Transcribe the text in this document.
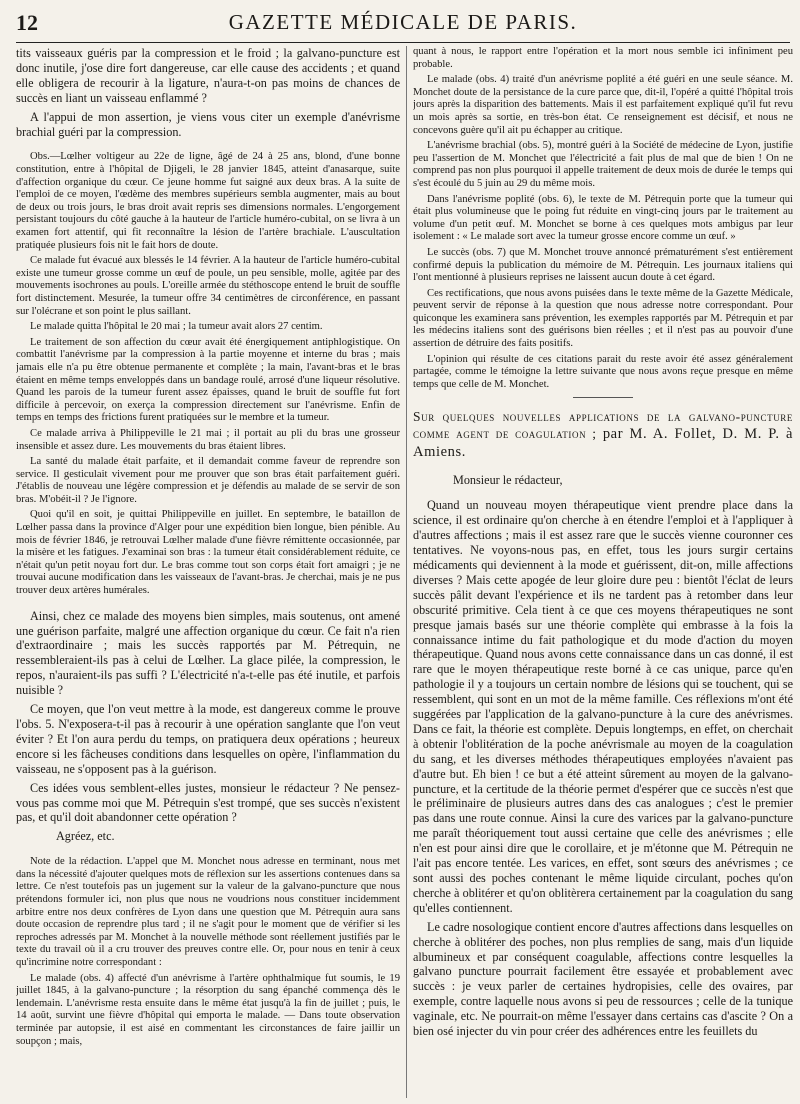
12	GAZETTE MÉDICALE DE PARIS.

tits vaisseaux guéris par la compression et le froid ; la galvano-puncture est donc inutile, j'ose dire fort dangereuse, car elle cause des accidents ; et quand elle obligera de recourir à la ligature, n'aura-t-on pas moins de chances de succès en liant un vaisseau enflammé ?

A l'appui de mon assertion, je viens vous citer un exemple d'anévrisme brachial guéri par la compression.

Obs.—Lœlher voltigeur au 22e de ligne, âgé de 24 à 25 ans, blond, d'une bonne constitution, entre à l'hôpital de Djigeli, le 28 janvier 1845, atteint d'anasarque, suite d'affection organique du cœur. Ce jeune homme fut saigné aux deux bras. A la suite de l'emploi de ce moyen, l'œdème des membres supérieurs sembla augmenter, mais au bout de deux ou trois jours, le bras droit avait repris ses dimensions normales. L'engorgement persistant toujours du côté gauche à la hauteur de l'article huméro-cubital, on se livra à un examen fort attentif, qui fit reconnaître la lésion de l'artère brachiale. L'auscultation pratiquée plusieurs fois nit le fait hors de doute.

Ce malade fut évacué aux blessés le 14 février. A la hauteur de l'article huméro-cubital existe une tumeur grosse comme un œuf de poule, un peu sensible, molle, agitée par des mouvements isochrones au pouls. L'oreille armée du stéthoscope entend le bruit de souffle fort distinctement. Mesurée, la tumeur offre 34 centimètres de circonférence, en passant sur l'olécrane et son point le plus saillant.

Le malade quitta l'hôpital le 20 mai ; la tumeur avait alors 27 centim.

Le traitement de son affection du cœur avait été énergiquement antiphlogistique. On combattit l'anévrisme par la compression à la partie moyenne et interne du bras ; mais jamais elle n'a pu être obtenue permanente et complète ; la main, l'avant-bras et le bras étaient en même temps enveloppés dans un bandage roulé, arrosé d'une liqueur résolutive. Quand les parois de la tumeur furent assez épaisses, quand le bruit de souffle fut fort difficile à percevoir, on exerça la compression directement sur l'anévrisme. Enfin de temps en temps des frictions furent pratiquées sur le membre et la tumeur.

Ce malade arriva à Philippeville le 21 mai ; il portait au pli du bras une grosseur insensible et assez dure. Les mouvements du bras étaient libres.

La santé du malade était parfaite, et il demandait comme faveur de reprendre son service. Il gesticulait vivement pour me prouver que son bras était parfaitement guéri. J'établis de nouveau une légère compression et je défendis au malade de se servir de son bras. M'obéit-il ? Je l'ignore.

Quoi qu'il en soit, je quittai Philippeville en juillet. En septembre, le bataillon de Lœlher passa dans la province d'Alger pour une expédition bien longue, bien pénible. Au mois de février 1846, je retrouvai Lœlher malade d'une fièvre rémittente occasionnée, par la misère et les fatigues. J'examinai son bras : la tumeur était considérablement réduite, ce n'était qu'un petit noyau fort dur. Le bras comme tout son corps était fort amaigri ; je ne trouvai aucune modification dans les vaisseaux de l'avant-bras. Je cherchai, mais je ne pus trouver deux artères humérales.

Ainsi, chez ce malade des moyens bien simples, mais soutenus, ont amené une guérison parfaite, malgré une affection organique du cœur. Ce fait n'a rien d'extraordinaire ; mais les succès rapportés par M. Pétrequin, ne ressembleraient-ils pas à celui de Lœlher. La glace pilée, la compression, le repos, n'auraient-ils pas suffi ? L'électricité n'a-t-elle pas été inutile, et parfois nuisible ?

Ce moyen, que l'on veut mettre à la mode, est dangereux comme le prouve l'obs. 5. N'exposera-t-il pas à recourir à une opération sanglante que l'on veut éviter ? Et l'on aura perdu du temps, on pratiquera deux opérations ; heureux encore si les fâcheuses conditions dans lesquelles on opère, l'inflammation du vaisseau, ne s'opposent pas à la guérison.

Ces idées vous semblent-elles justes, monsieur le rédacteur ? Ne pensez-vous pas comme moi que M. Pétrequin s'est trompé, que ses succès n'existent pas, et qu'il doit abandonner cette opération ?

Agréez, etc.

Note de la rédaction. L'appel que M. Monchet nous adresse en terminant, nous met dans la nécessité d'ajouter quelques mots de réflexion sur les assertions contenues dans sa lettre. Ce n'est toutefois pas un jugement sur la valeur de la galvano-puncture que nous prétendons formuler ici, non plus que nous ne voudrions nous constituer incidemment arbitre entre nos deux confrères de Lyon dans une question que M. Pétrequin aura sans doute occasion de reprendre plus tard ; il ne s'agit pour le moment que de vérifier si les reproches adressés par M. Monchet à la nouvelle méthode sont réellement justifiés par le texte du travail où il a cru trouver des preuves contre elle. Or, pour nous en tenir à ceux qu'incrimine notre correspondant :

Le malade (obs. 4) affecté d'un anévrisme à l'artère ophthalmique fut soumis, le 19 juillet 1845, à la galvano-puncture ; la résorption du sang épanché commença dès le lendemain. L'anévrisme resta ensuite dans le même état jusqu'à la fin de juillet ; puis, le 14 août, survint une fièvre d'hôpital qui emporta le malade. — Dans toute observation terminée par autopsie, il est aisé en commentant les circonstances de faire jaillir un soupçon ; mais,

quant à nous, le rapport entre l'opération et la mort nous semble ici infiniment peu probable.

Le malade (obs. 4) traité d'un anévrisme poplité a été guéri en une seule séance. M. Monchet doute de la persistance de la cure parce que, dit-il, l'opéré a quitté l'hôpital trois jours après la disparition des battements. Mais il est parfaitement expliqué qu'il fut revu un mois après sa sortie, en très-bon état. Ce renseignement est décisif, et nous ne concevons guère qu'il ait pu échapper au critique.

L'anévrisme brachial (obs. 5), montré guéri à la Société de médecine de Lyon, justifie peu l'assertion de M. Monchet que l'électricité a fait plus de mal que de bien ! On ne comprend pas non plus pourquoi il appelle traitement de deux mois de durée le temps qui s'est écoulé du 5 juin au 29 du même mois.

Dans l'anévrisme poplité (obs. 6), le texte de M. Pétrequin porte que la tumeur qui était plus volumineuse que le poing fut réduite en vingt-cinq jours par le traitement au volume d'un petit œuf. M. Monchet se borne à ces quelques mots ambigus par leur isolement : « Le malade sort avec la tumeur grosse encore comme un œuf. »

Le succès (obs. 7) que M. Monchet trouve annoncé prématurément s'est entièrement confirmé depuis la publication du mémoire de M. Pétrequin. Les journaux italiens qui l'ont mentionné à plusieurs reprises ne laissent aucun doute à cet égard.

Ces rectifications, que nous avons puisées dans le texte même de la Gazette Médicale, peuvent servir de réponse à la question que nous adresse notre correspondant. Pour quiconque les examinera sans prévention, les exemples rapportés par M. Pétrequin et par les médecins italiens sont des guérisons bien réelles ; et il n'est pas au pouvoir d'une assertion de détruire des faits positifs.

L'opinion qui résulte de ces citations parait du reste avoir été assez généralement partagée, comme le témoigne la lettre suivante que nous avons reçue presque en même temps que celle de M. Monchet.

Sur quelques nouvelles applications de la galvano-puncture comme agent de coagulation ; par M. A. Follet, D. M. P. à Amiens.

Monsieur le rédacteur,

Quand un nouveau moyen thérapeutique vient prendre place dans la science, il est ordinaire qu'on cherche à en étendre l'emploi et à l'appliquer à d'autres affections ; mais il est assez rare que le succès vienne couronner ces tentatives. Ne voyons-nous pas, en effet, tous les jours surgir certains médicaments qui deviennent à la mode et guérissent, dit-on, mille affections diverses ? Mais cette apogée de leur gloire dure peu : bientôt l'éclat de leurs succès pâlit devant l'expérience et ils ne tardent pas à retomber dans leur obscurité primitive. Cela tient à ce que ces moyens thérapeutiques ne sont presque jamais basés sur une théorie complète qui embrasse à la fois la connaissance intime du fait pathologique et du mode d'action du moyen thérapeutique. Quand nous avons cette connaissance dans un cas donné, il est rare que le moyen thérapeutique reste borné à ce cas unique, parce qu'en pathologie il y a toujours un certain nombre de lésions qui se touchent, qui se ressemblent, qui sont en un mot de la même famille. Ces réflexions m'ont été suggérées par l'application de la galvano-puncture à la cure des anévrismes. Dans ce fait, la théorie est complète. Depuis longtemps, en effet, on cherchait à obtenir l'oblitération de la poche anévrismale au moyen de la coagulation du sang, et les diverses méthodes thérapeutiques employées n'avaient pas d'autre but. Eh bien ! ce but a été atteint sûrement au moyen de la galvano-puncture, et la certitude de la théorie permet d'espérer que ce succès n'est que le préliminaire de plusieurs autres dans des cas analogues ; c'est le premier pas dans une route connue. Ainsi la cure des varices par la galvano-puncture me paraît théoriquement tout aussi certaine que celle des anévrismes ; elle n'en est pour ainsi dire que le corollaire, et je m'étonne que M. Pétrequin ne l'ait pas encore tentée. Les varices, en effet, sont sœurs des anévrismes ; ce sont aussi des poches contenant le même liquide circulant, poches qu'on cherche à oblitérer et qu'on oblitèrera certainement par la coagulation du sang qu'elles contiennent.

Le cadre nosologique contient encore d'autres affections dans lesquelles on cherche à oblitérer des poches, non plus remplies de sang, mais d'un liquide albumineux et par conséquent coagulable, affections contre lesquelles la galvano puncture pourrait facilement être essayée et probablement avec succès : je veux parler de certaines hydropisies, celle des ovaires, par exemple, contre laquelle nous avons si peu de ressources ; celle de la tunique vaginale, etc. Ne pourrait-on même l'essayer dans certains cas d'ascite ? On a bien osé injecter du vin pour créer des adhérences entre les feuillets du
